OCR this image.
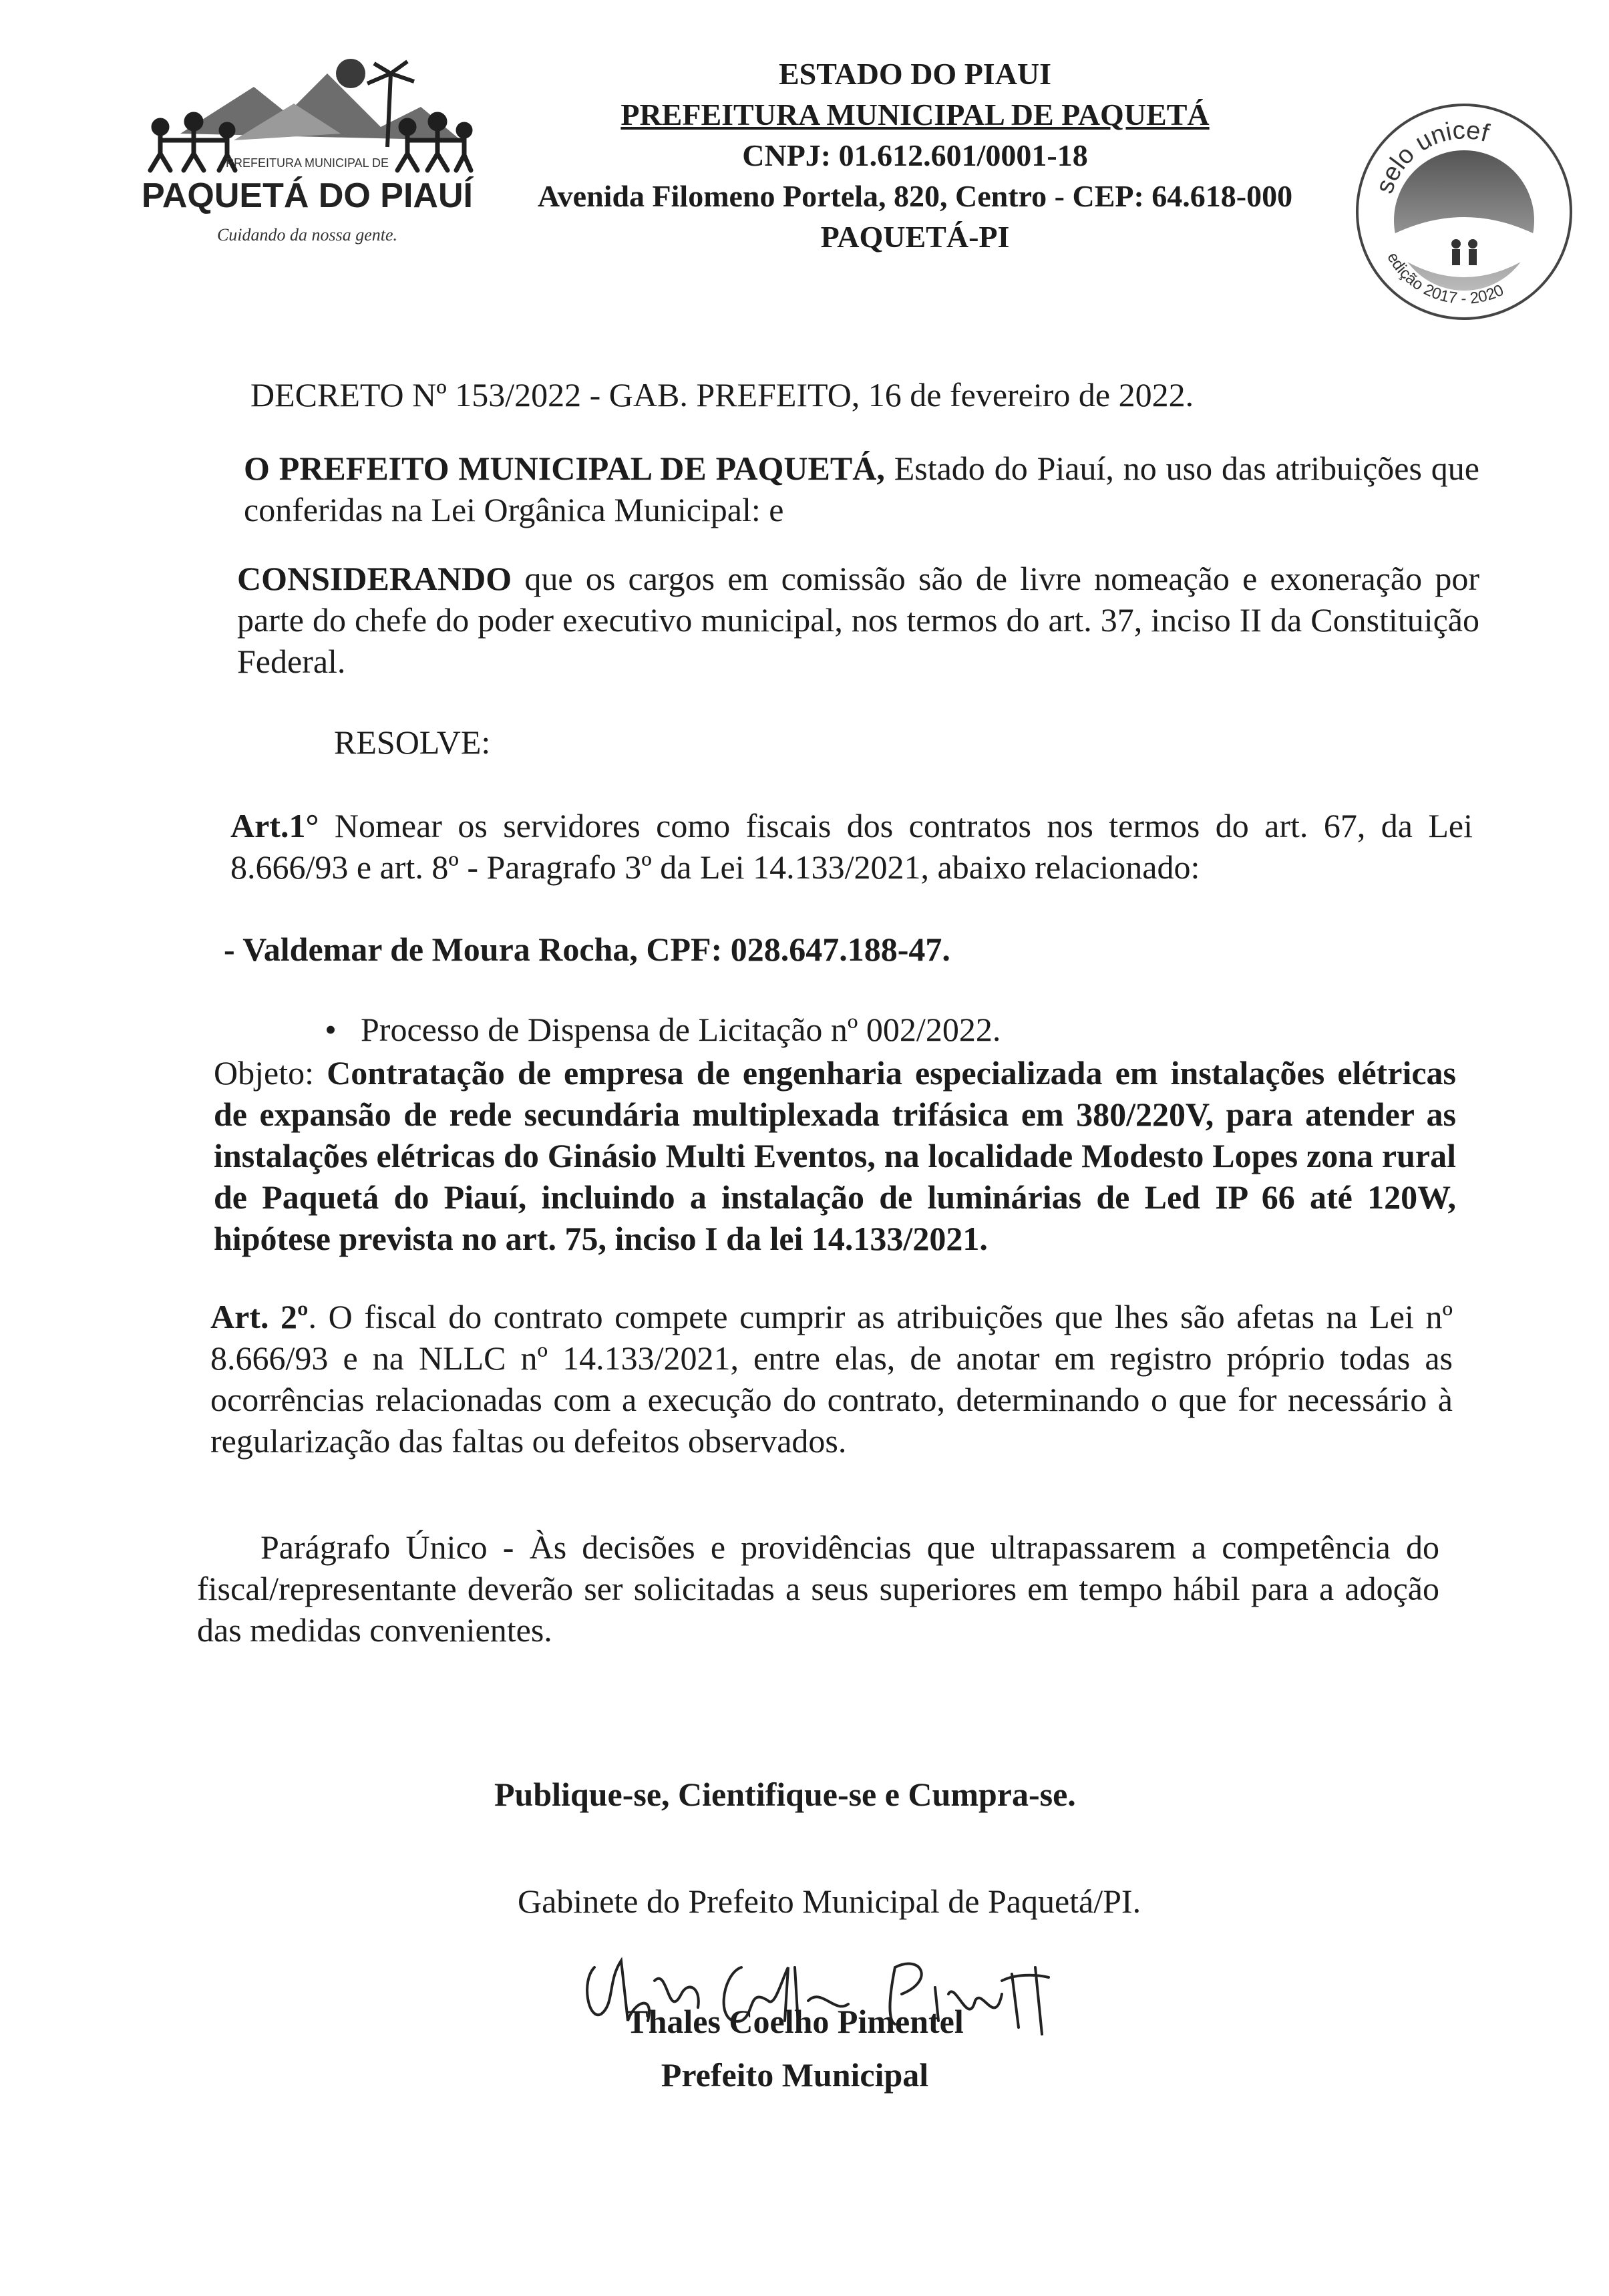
PREFEITURA MUNICIPAL DE
PAQUETÁ DO PIAUÍ
Cuidando da nossa gente.
ESTADO DO PIAUI
PREFEITURA MUNICIPAL DE PAQUETÁ
CNPJ: 01.612.601/0001-18
Avenida Filomeno Portela, 820, Centro - CEP: 64.618-000
PAQUETÁ-PI
selo unicef
edição 2017 - 2020
DECRETO Nº 153/2022 - GAB. PREFEITO, 16 de fevereiro de 2022.
O PREFEITO MUNICIPAL DE PAQUETÁ, Estado do Piauí, no uso das atribuições que conferidas na Lei Orgânica Municipal: e
CONSIDERANDO que os cargos em comissão são de livre nomeação e exoneração por parte do chefe do poder executivo municipal, nos termos do art. 37, inciso II da Constituição Federal.
RESOLVE:
Art.1° Nomear os servidores como fiscais dos contratos nos termos do art. 67, da Lei 8.666/93 e art. 8º - Paragrafo 3º da Lei 14.133/2021, abaixo relacionado:
- Valdemar de Moura Rocha, CPF: 028.647.188-47.
• Processo de Dispensa de Licitação nº 002/2022.
Objeto: Contratação de empresa de engenharia especializada em instalações elétricas de expansão de rede secundária multiplexada trifásica em 380/220V, para atender as instalações elétricas do Ginásio Multi Eventos, na localidade Modesto Lopes zona rural de Paquetá do Piauí, incluindo a instalação de luminárias de Led IP 66 até 120W, hipótese prevista no art. 75, inciso I da lei 14.133/2021.
Art. 2º. O fiscal do contrato compete cumprir as atribuições que lhes são afetas na Lei nº 8.666/93 e na NLLC nº 14.133/2021, entre elas, de anotar em registro próprio todas as ocorrências relacionadas com a execução do contrato, determinando o que for necessário à regularização das faltas ou defeitos observados.
Parágrafo Único - Às decisões e providências que ultrapassarem a competência do fiscal/representante deverão ser solicitadas a seus superiores em tempo hábil para a adoção das medidas convenientes.
Publique-se, Cientifique-se e Cumpra-se.
Gabinete do Prefeito Municipal de Paquetá/PI.
Thales Coelho Pimentel
Prefeito Municipal
